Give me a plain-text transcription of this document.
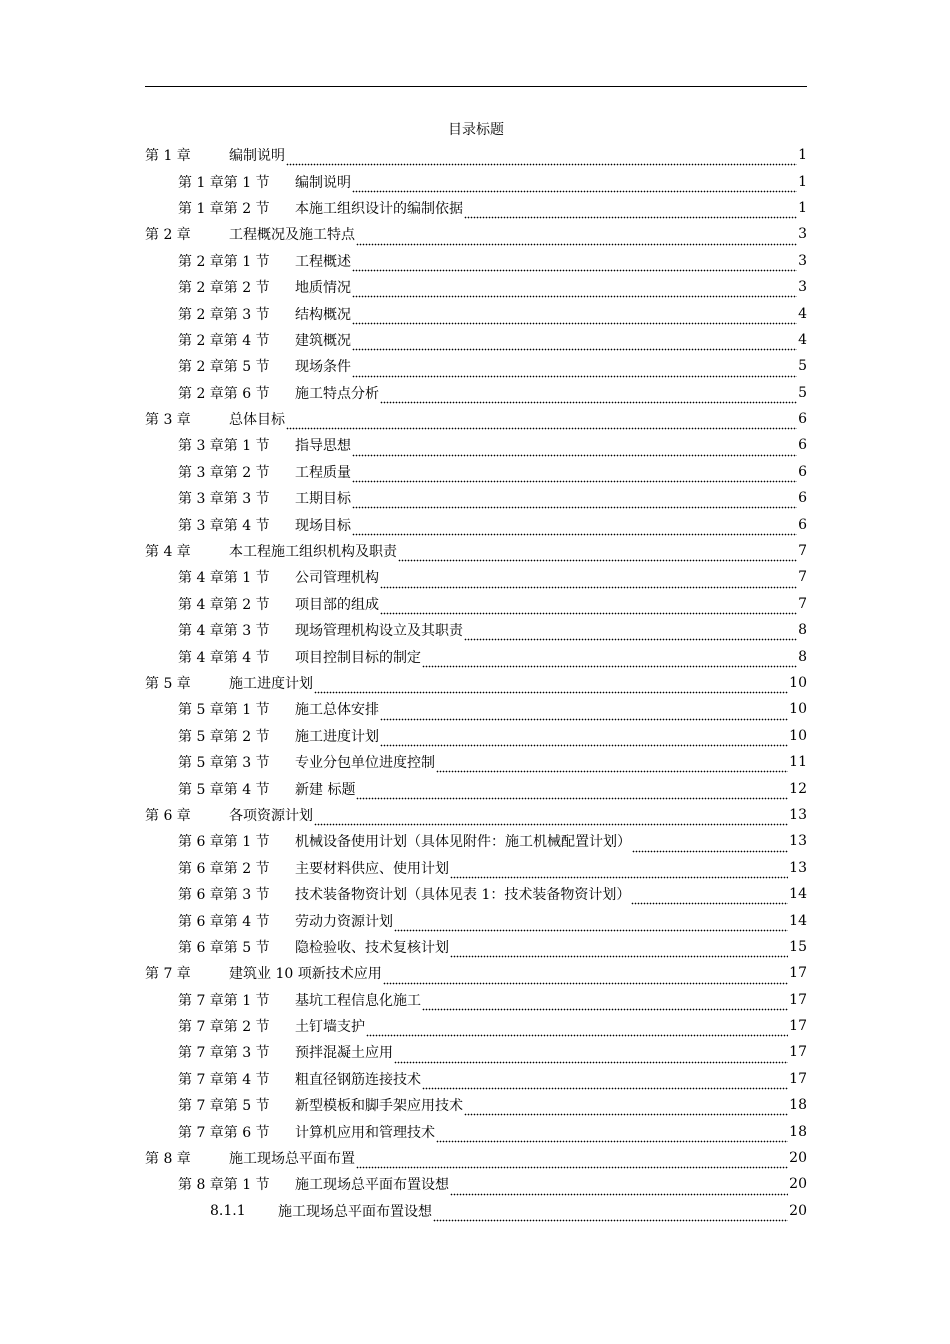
目录标题
第 1 章	编制说明	1
第 1 章第 1 节	编制说明	1
第 1 章第 2 节	本施工组织设计的编制依据	1
第 2 章	工程概况及施工特点	3
第 2 章第 1 节	工程概述	3
第 2 章第 2 节	地质情况	3
第 2 章第 3 节	结构概况	4
第 2 章第 4 节	建筑概况	4
第 2 章第 5 节	现场条件	5
第 2 章第 6 节	施工特点分析	5
第 3 章	总体目标	6
第 3 章第 1 节	指导思想	6
第 3 章第 2 节	工程质量	6
第 3 章第 3 节	工期目标	6
第 3 章第 4 节	现场目标	6
第 4 章	本工程施工组织机构及职责	7
第 4 章第 1 节	公司管理机构	7
第 4 章第 2 节	项目部的组成	7
第 4 章第 3 节	现场管理机构设立及其职责	8
第 4 章第 4 节	项目控制目标的制定	8
第 5 章	施工进度计划	10
第 5 章第 1 节	施工总体安排	10
第 5 章第 2 节	施工进度计划	10
第 5 章第 3 节	专业分包单位进度控制	11
第 5 章第 4 节	新建 标题	12
第 6 章	各项资源计划	13
第 6 章第 1 节	机械设备使用计划（具体见附件：施工机械配置计划）	13
第 6 章第 2 节	主要材料供应、使用计划	13
第 6 章第 3 节	技术装备物资计划（具体见表 1：技术装备物资计划）	14
第 6 章第 4 节	劳动力资源计划	14
第 6 章第 5 节	隐检验收、技术复核计划	15
第 7 章	建筑业 10 项新技术应用	17
第 7 章第 1 节	基坑工程信息化施工	17
第 7 章第 2 节	土钉墙支护	17
第 7 章第 3 节	预拌混凝土应用	17
第 7 章第 4 节	粗直径钢筋连接技术	17
第 7 章第 5 节	新型模板和脚手架应用技术	18
第 7 章第 6 节	计算机应用和管理技术	18
第 8 章	施工现场总平面布置	20
第 8 章第 1 节	施工现场总平面布置设想	20
8.1.1	施工现场总平面布置设想	20
